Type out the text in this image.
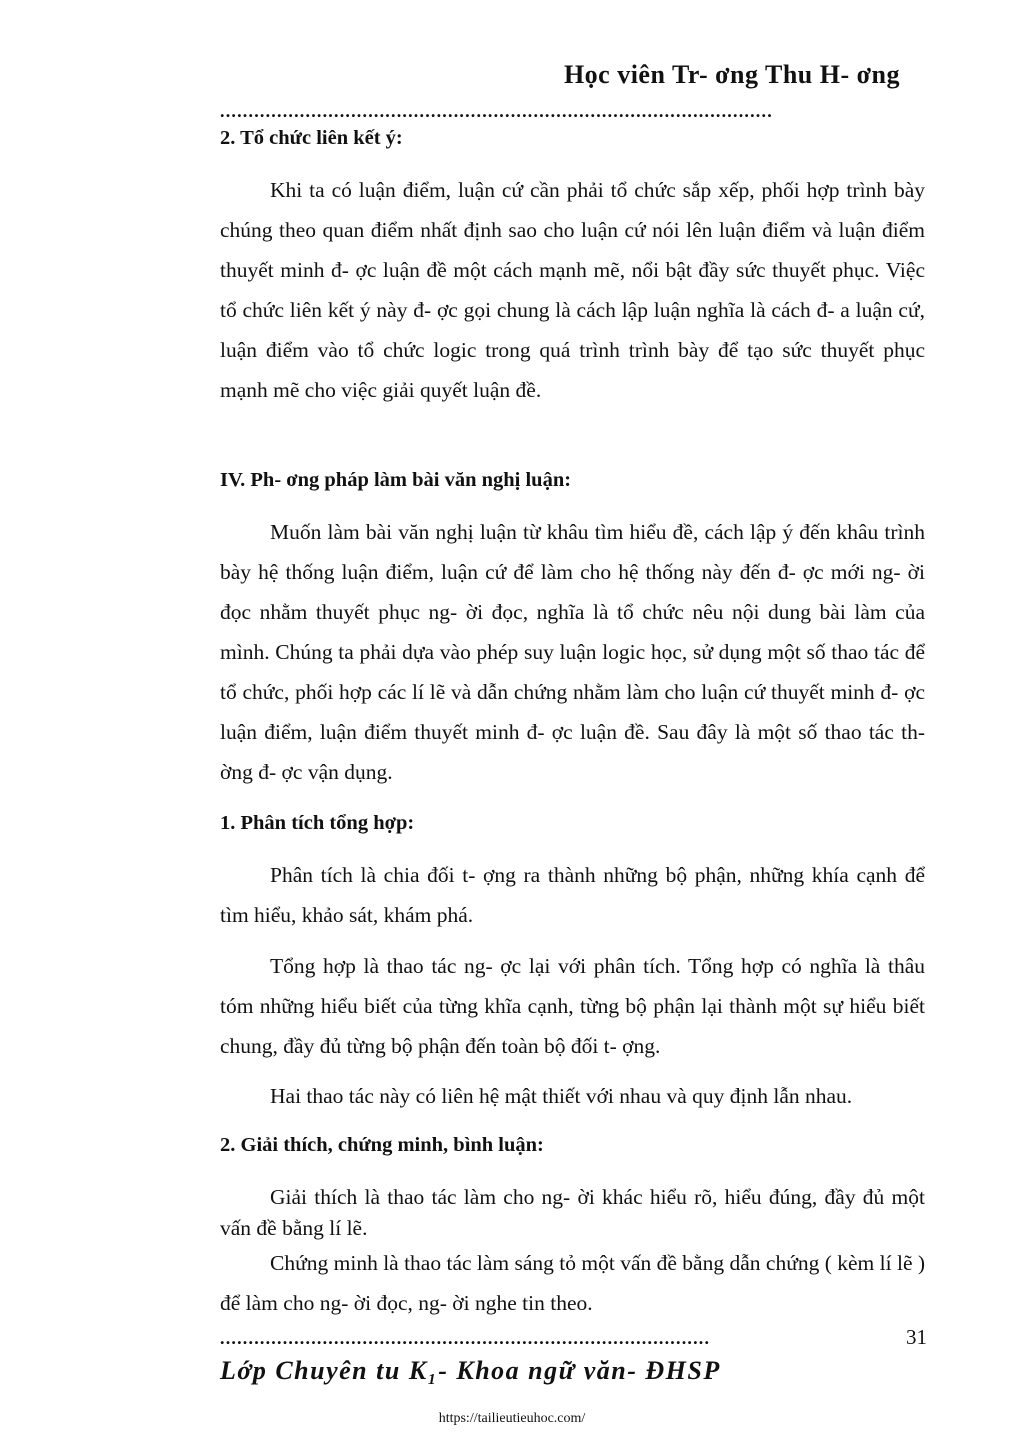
Học viên Tr- ơng Thu H- ơng
.................................................................................................
2. Tổ chức liên kết ý:
Khi ta có luận điểm, luận cứ cần phải tổ chức sắp xếp, phối hợp trình bày chúng theo quan điểm nhất định sao cho luận cứ nói lên luận điểm và luận điểm thuyết minh đ- ợc luận đề một cách mạnh mẽ, nổi bật đầy sức thuyết phục. Việc tổ chức liên kết ý này đ- ợc gọi chung là cách lập luận nghĩa là cách đ- a luận cứ, luận điểm vào tổ chức logic trong quá trình trình bày để tạo sức thuyết phục mạnh mẽ cho việc giải quyết luận đề.
IV. Ph- ơng pháp làm bài văn nghị luận:
Muốn làm bài văn nghị luận từ khâu tìm hiểu đề, cách lập ý đến khâu trình bày hệ thống luận điểm, luận cứ để làm cho hệ thống này đến đ- ợc mới ng- ời đọc nhằm thuyết phục ng- ời đọc, nghĩa là tổ chức nêu nội dung bài làm của mình. Chúng ta phải dựa vào phép suy luận logic học, sử dụng một số thao tác để tổ chức, phối hợp các lí lẽ và dẫn chứng nhằm làm cho luận cứ thuyết minh đ- ợc luận điểm, luận điểm thuyết minh đ- ợc luận đề. Sau đây là một số thao tác th- ờng đ- ợc vận dụng.
1. Phân tích tổng hợp:
Phân tích là chia đối t- ợng ra thành những bộ phận, những khía cạnh để tìm hiểu, khảo sát, khám phá.
Tổng hợp là thao tác ng- ợc lại với phân tích. Tổng hợp có nghĩa là thâu tóm những hiểu biết của từng khĩa cạnh, từng bộ phận lại thành một sự hiểu biết chung, đầy đủ từng bộ phận đến toàn bộ đối t- ợng.
Hai thao tác này có liên hệ mật thiết với nhau và quy định lẫn nhau.
2. Giải thích, chứng minh, bình luận:
Giải thích là thao tác làm cho ng- ời khác hiểu rõ, hiểu đúng, đầy đủ một vấn đề bằng lí lẽ.
Chứng minh là thao tác làm sáng tỏ một vấn đề bằng dẫn chứng ( kèm lí lẽ ) để làm cho ng- ời đọc, ng- ời nghe tin theo.
......................................................................................	31
Lớp Chuyên tu K₁- Khoa ngữ văn- ĐHSP
https://tailieutieuhoc.com/
